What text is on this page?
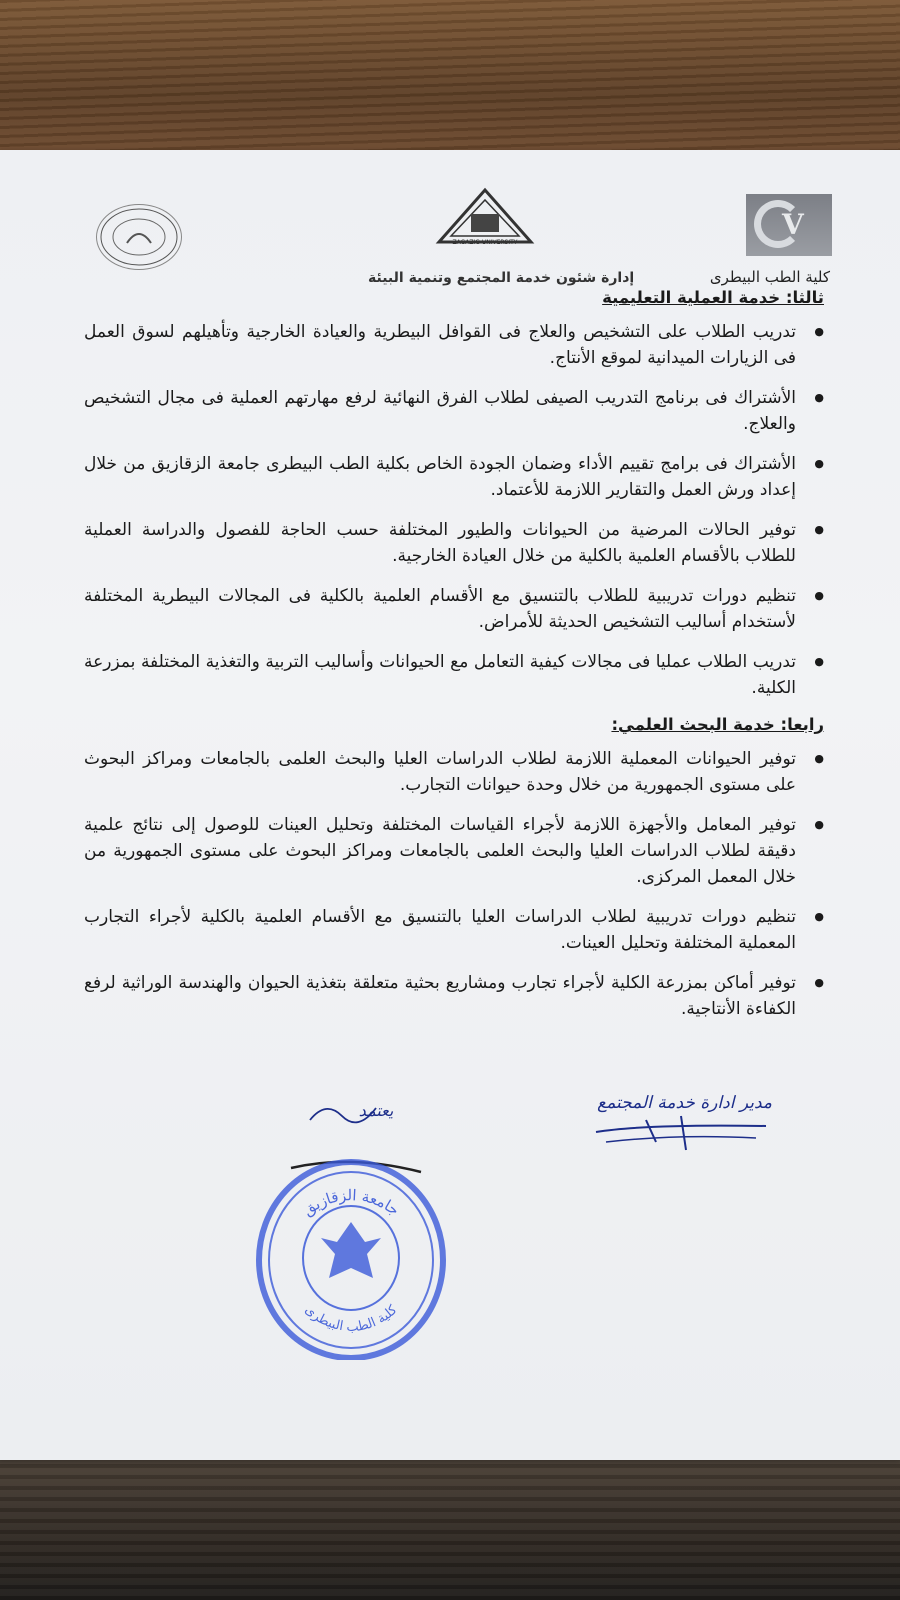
V
كلية الطب البيطرى
ZAGAZIG UNIVERSITY
إدارة شئون خدمة المجتمع وتنمية البيئة
ثالثا: خدمة العملية التعليمية
● تدريب الطلاب على التشخيص والعلاج فى القوافل البيطرية والعيادة الخارجية وتأهيلهم لسوق العمل فى الزيارات الميدانية لموقع الأنتاج.
● الأشتراك فى برنامج التدريب الصيفى لطلاب الفرق النهائية لرفع مهارتهم العملية فى مجال التشخيص والعلاج.
● الأشتراك فى برامج تقييم الأداء وضمان الجودة الخاص بكلية الطب البيطرى جامعة الزقازيق من خلال إعداد ورش العمل والتقارير اللازمة للأعتماد.
● توفير الحالات المرضية من الحيوانات والطيور المختلفة حسب الحاجة للفصول والدراسة العملية للطلاب بالأقسام العلمية بالكلية من خلال العيادة الخارجية.
● تنظيم دورات تدريبية للطلاب بالتنسيق مع الأقسام العلمية بالكلية فى المجالات البيطرية المختلفة لأستخدام أساليب التشخيص الحديثة للأمراض.
● تدريب الطلاب عمليا فى مجالات كيفية التعامل مع الحيوانات وأساليب التربية والتغذية المختلفة بمزرعة الكلية.
رابعا: خدمة البحث العلمي:
● توفير الحيوانات المعملية اللازمة لطلاب الدراسات العليا والبحث العلمى بالجامعات ومراكز البحوث على مستوى الجمهورية من خلال وحدة حيوانات التجارب.
● توفير المعامل والأجهزة اللازمة لأجراء القياسات المختلفة وتحليل العينات للوصول إلى نتائج علمية دقيقة لطلاب الدراسات العليا والبحث العلمى بالجامعات ومراكز البحوث على مستوى الجمهورية من خلال المعمل المركزى.
● تنظيم دورات تدريبية لطلاب الدراسات العليا بالتنسيق مع الأقسام العلمية بالكلية لأجراء التجارب المعملية المختلفة وتحليل العينات.
● توفير أماكن بمزرعة الكلية لأجراء تجارب ومشاريع بحثية متعلقة بتغذية الحيوان والهندسة الوراثية لرفع الكفاءة الأنتاجية.
مدير ادارة خدمة المجتمع
يعتمد
جامعة الزقازيق
كلية الطب البيطرى
